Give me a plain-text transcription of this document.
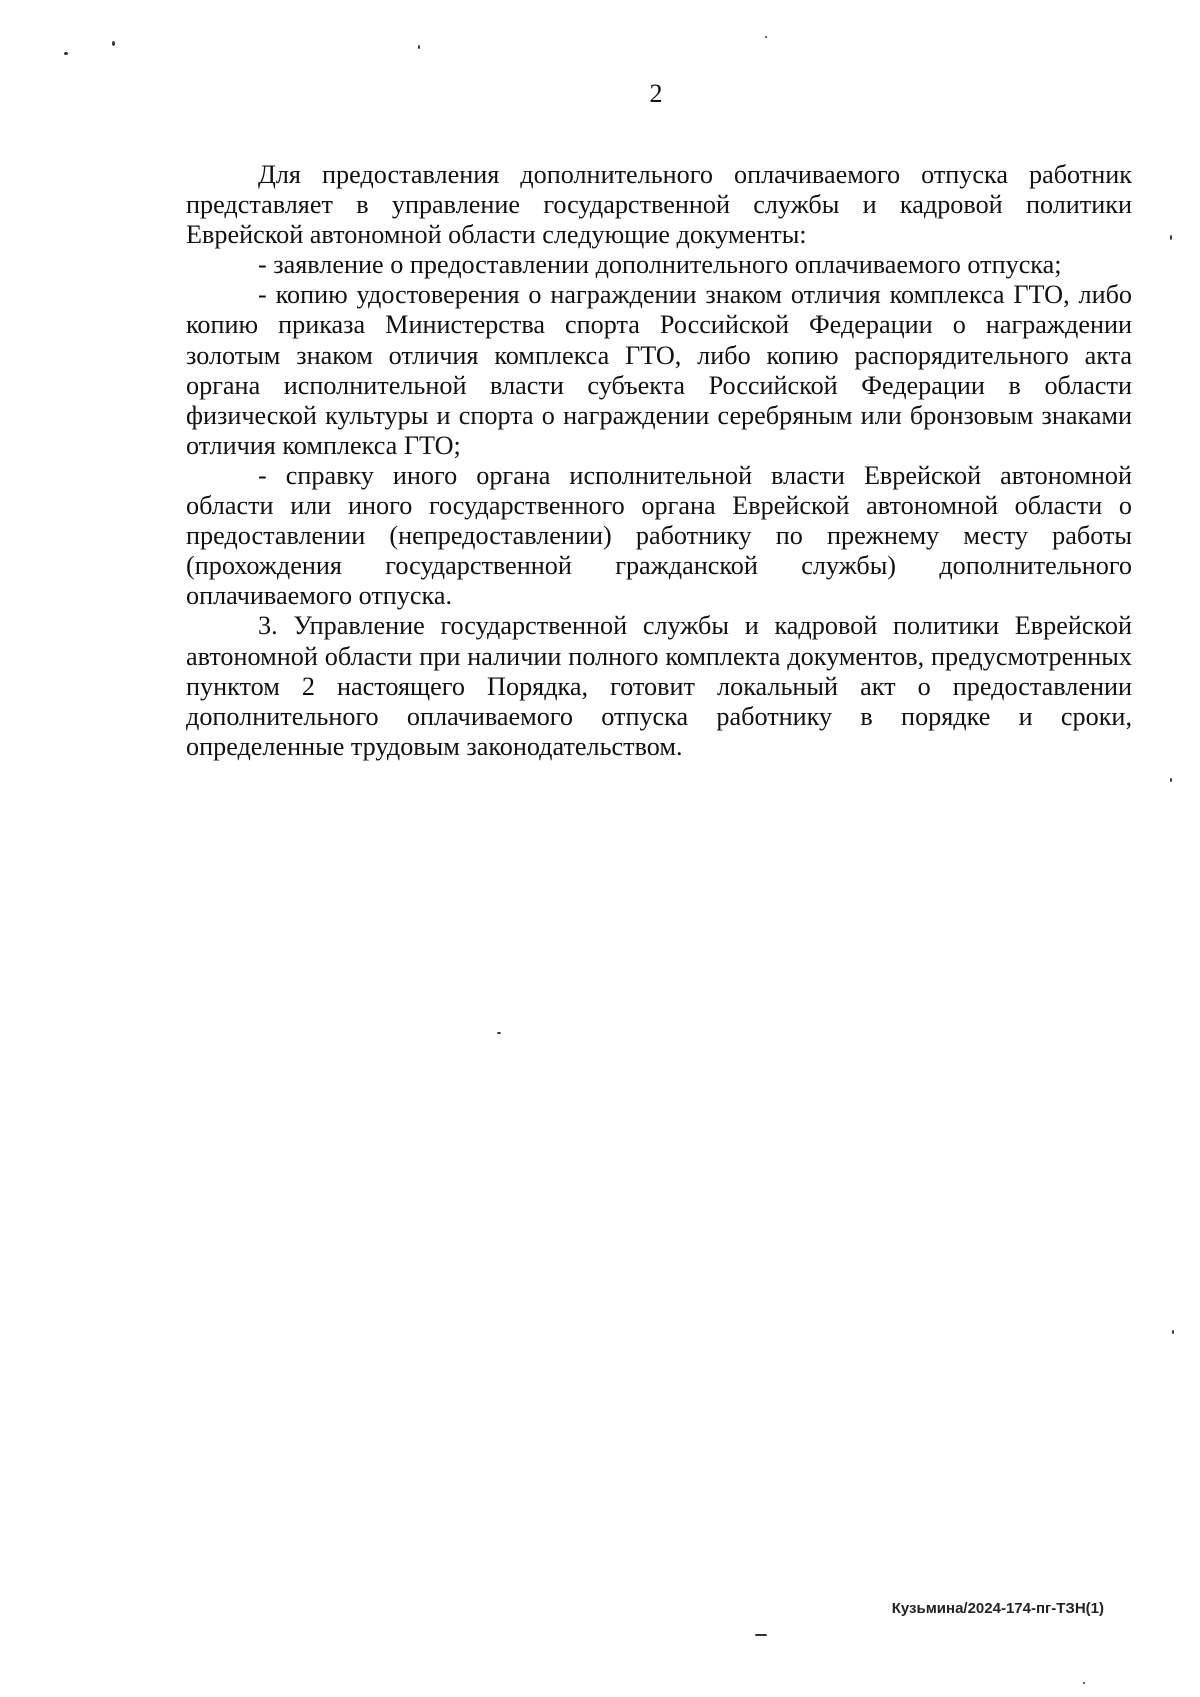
2

Для предоставления дополнительного оплачиваемого отпуска работник представляет в управление государственной службы и кадровой политики Еврейской автономной области следующие документы:

- заявление о предоставлении дополнительного оплачиваемого отпуска;

- копию удостоверения о награждении знаком отличия комплекса ГТО, либо копию приказа Министерства спорта Российской Федерации о награждении золотым знаком отличия комплекса ГТО, либо копию распорядительного акта органа исполнительной власти субъекта Российской Федерации в области физической культуры и спорта о награждении серебряным или бронзовым знаками отличия комплекса ГТО;

- справку иного органа исполнительной власти Еврейской автономной области или иного государственного органа Еврейской автономной области о предоставлении (непредоставлении) работнику по прежнему месту работы (прохождения государственной гражданской службы) дополнительного оплачиваемого отпуска.

3. Управление государственной службы и кадровой политики Еврейской автономной области при наличии полного комплекта документов, предусмотренных пунктом 2 настоящего Порядка, готовит локальный акт о предоставлении дополнительного оплачиваемого отпуска работнику в порядке и сроки, определенные трудовым законодательством.

Кузьмина/2024-174-пг-ТЗН(1)
